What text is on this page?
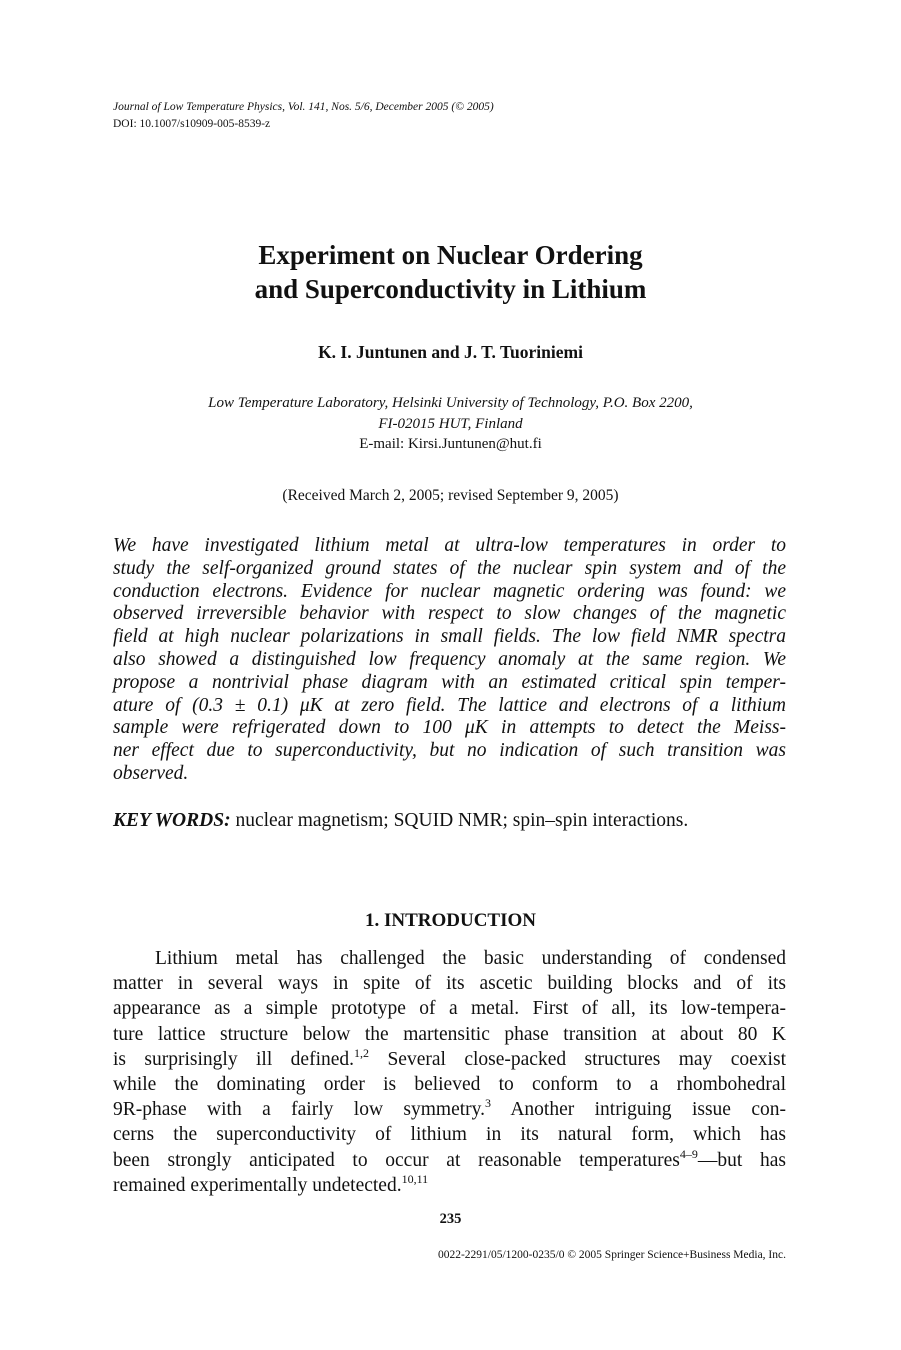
Journal of Low Temperature Physics, Vol. 141, Nos. 5/6, December 2005 (© 2005)
DOI: 10.1007/s10909-005-8539-z
Experiment on Nuclear Ordering
and Superconductivity in Lithium
K. I. Juntunen and J. T. Tuoriniemi
Low Temperature Laboratory, Helsinki University of Technology, P.O. Box 2200,
FI-02015 HUT, Finland
E-mail: Kirsi.Juntunen@hut.fi
(Received March 2, 2005; revised September 9, 2005)
We have investigated lithium metal at ultra-low temperatures in order to
study the self-organized ground states of the nuclear spin system and of the
conduction electrons. Evidence for nuclear magnetic ordering was found: we
observed irreversible behavior with respect to slow changes of the magnetic
field at high nuclear polarizations in small fields. The low field NMR spectra
also showed a distinguished low frequency anomaly at the same region. We
propose a nontrivial phase diagram with an estimated critical spin temper-
ature of (0.3 ± 0.1) μK at zero field. The lattice and electrons of a lithium
sample were refrigerated down to 100 μK in attempts to detect the Meiss-
ner effect due to superconductivity, but no indication of such transition was
observed.
KEY WORDS: nuclear magnetism; SQUID NMR; spin–spin interactions.
1. INTRODUCTION
Lithium metal has challenged the basic understanding of condensed
matter in several ways in spite of its ascetic building blocks and of its
appearance as a simple prototype of a metal. First of all, its low-tempera-
ture lattice structure below the martensitic phase transition at about 80 K
is surprisingly ill defined.$^{1,2}$ Several close-packed structures may coexist
while the dominating order is believed to conform to a rhombohedral
9R-phase with a fairly low symmetry.$^3$ Another intriguing issue con-
cerns the superconductivity of lithium in its natural form, which has
been strongly anticipated to occur at reasonable temperatures$^{4-9}$—but has
remained experimentally undetected.$^{10,11}$
235
0022-2291/05/1200-0235/0 © 2005 Springer Science+Business Media, Inc.
